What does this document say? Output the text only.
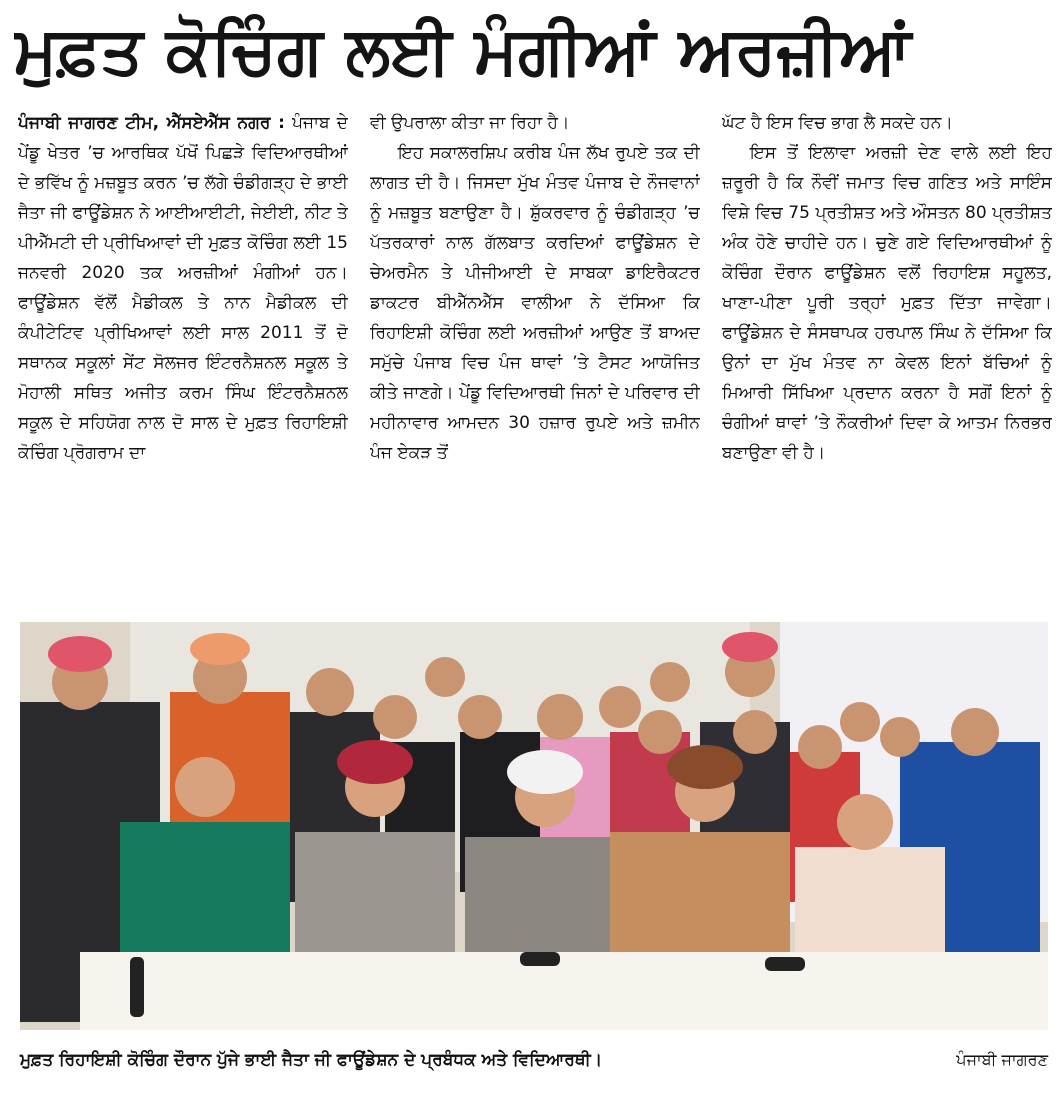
ਮੁਫ਼ਤ ਕੋਚਿੰਗ ਲਈ ਮੰਗੀਆਂ ਅਰਜ਼ੀਆਂ

ਪੰਜਾਬੀ ਜਾਗਰਣ ਟੀਮ, ਐੱਸਏਐੱਸ ਨਗਰ : ਪੰਜਾਬ ਦੇ ਪੇਂਡੂ ਖੇਤਰ ’ਚ ਆਰਥਿਕ ਪੱਖੋਂ ਪਿਛੜੇ ਵਿਦਿਆਰਥੀਆਂ ਦੇ ਭਵਿੱਖ ਨੂੰ ਮਜ਼ਬੂਤ ਕਰਨ ’ਚ ਲੱਗੇ ਚੰਡੀਗੜ੍ਹ ਦੇ ਭਾਈ ਜੈਤਾ ਜੀ ਫਾਊਂਡੇਸ਼ਨ ਨੇ ਆਈਆਈਟੀ, ਜੇਈਈ, ਨੀਟ ਤੇ ਪੀਐੱਮਟੀ ਦੀ ਪ੍ਰੀਖਿਆਵਾਂ ਦੀ ਮੁਫ਼ਤ ਕੋਚਿੰਗ ਲਈ 15 ਜਨਵਰੀ 2020 ਤਕ ਅਰਜ਼ੀਆਂ ਮੰਗੀਆਂ ਹਨ। ਫਾਊਂਡੇਸ਼ਨ ਵੱਲੋਂ ਮੈਡੀਕਲ ਤੇ ਨਾਨ ਮੈਡੀਕਲ ਦੀ ਕੰਪੀਟੇਟਿਵ ਪ੍ਰੀਖਿਆਵਾਂ ਲਈ ਸਾਲ 2011 ਤੋਂ ਦੋ ਸਥਾਨਕ ਸਕੂਲਾਂ ਸੇਂਟ ਸੋਲਜਰ ਇੰਟਰਨੈਸ਼ਨਲ ਸਕੂਲ ਤੇ ਮੋਹਾਲੀ ਸਥਿਤ ਅਜੀਤ ਕਰਮ ਸਿੰਘ ਇੰਟਰਨੈਸ਼ਨਲ ਸਕੂਲ ਦੇ ਸਹਿਯੋਗ ਨਾਲ ਦੋ ਸਾਲ ਦੇ ਮੁਫ਼ਤ ਰਿਹਾਇਸ਼ੀ ਕੋਚਿੰਗ ਪ੍ਰੋਗਰਾਮ ਦਾ

ਵੀ ਉਪਰਾਲਾ ਕੀਤਾ ਜਾ ਰਿਹਾ ਹੈ।

ਇਹ ਸਕਾਲਰਸ਼ਿਪ ਕਰੀਬ ਪੰਜ ਲੱਖ ਰੁਪਏ ਤਕ ਦੀ ਲਾਗਤ ਦੀ ਹੈ। ਜਿਸਦਾ ਮੁੱਖ ਮੰਤਵ ਪੰਜਾਬ ਦੇ ਨੌਜਵਾਨਾਂ ਨੂੰ ਮਜ਼ਬੂਤ ਬਣਾਉਣਾ ਹੈ। ਸ਼ੁੱਕਰਵਾਰ ਨੂੰ ਚੰਡੀਗੜ੍ਹ ’ਚ ਪੱਤਰਕਾਰਾਂ ਨਾਲ ਗੱਲਬਾਤ ਕਰਦਿਆਂ ਫਾਊਂਡੇਸ਼ਨ ਦੇ ਚੇਅਰਮੈਨ ਤੇ ਪੀਜੀਆਈ ਦੇ ਸਾਬਕਾ ਡਾਇਰੈਕਟਰ ਡਾਕਟਰ ਬੀਐੱਨਐੱਸ ਵਾਲੀਆ ਨੇ ਦੱਸਿਆ ਕਿ ਰਿਹਾਇਸ਼ੀ ਕੋਚਿੰਗ ਲਈ ਅਰਜ਼ੀਆਂ ਆਉਣ ਤੋਂ ਬਾਅਦ ਸਮੁੱਚੇ ਪੰਜਾਬ ਵਿਚ ਪੰਜ ਥਾਵਾਂ ’ਤੇ ਟੈਸਟ ਆਯੋਜਿਤ ਕੀਤੇ ਜਾਣਗੇ। ਪੇਂਡੂ ਵਿਦਿਆਰਥੀ ਜਿਨਾਂ ਦੇ ਪਰਿਵਾਰ ਦੀ ਮਹੀਨਾਵਾਰ ਆਮਦਨ 30 ਹਜ਼ਾਰ ਰੁਪਏ ਅਤੇ ਜ਼ਮੀਨ ਪੰਜ ਏਕੜ ਤੋਂ

ਘੱਟ ਹੈ ਇਸ ਵਿਚ ਭਾਗ ਲੈ ਸਕਦੇ ਹਨ।

ਇਸ ਤੋਂ ਇਲਾਵਾ ਅਰਜ਼ੀ ਦੇਣ ਵਾਲੇ ਲਈ ਇਹ ਜ਼ਰੂਰੀ ਹੈ ਕਿ ਨੌਵੀਂ ਜਮਾਤ ਵਿਚ ਗਣਿਤ ਅਤੇ ਸਾਇੰਸ ਵਿਸ਼ੇ ਵਿਚ 75 ਪ੍ਰਤੀਸ਼ਤ ਅਤੇ ਔਸਤਨ 80 ਪ੍ਰਤੀਸ਼ਤ ਅੰਕ ਹੋਣੇ ਚਾਹੀਦੇ ਹਨ। ਚੁਣੇ ਗਏ ਵਿਦਿਆਰਥੀਆਂ ਨੂੰ ਕੋਚਿੰਗ ਦੌਰਾਨ ਫਾਊਂਡੇਸ਼ਨ ਵਲੋਂ ਰਿਹਾਇਸ਼ ਸਹੂਲਤ, ਖਾਣਾ-ਪੀਣਾ ਪੂਰੀ ਤਰ੍ਹਾਂ ਮੁਫ਼ਤ ਦਿੱਤਾ ਜਾਵੇਗਾ। ਫਾਊਂਡੇਸ਼ਨ ਦੇ ਸੰਸਥਾਪਕ ਹਰਪਾਲ ਸਿੰਘ ਨੇ ਦੱਸਿਆ ਕਿ ਉਨਾਂ ਦਾ ਮੁੱਖ ਮੰਤਵ ਨਾ ਕੇਵਲ ਇਨਾਂ ਬੱਚਿਆਂ ਨੂੰ ਮਿਆਰੀ ਸਿੱਖਿਆ ਪ੍ਰਦਾਨ ਕਰਨਾ ਹੈ ਸਗੋਂ ਇਨਾਂ ਨੂੰ ਚੰਗੀਆਂ ਥਾਵਾਂ ’ਤੇ ਨੌਕਰੀਆਂ ਦਿਵਾ ਕੇ ਆਤਮ ਨਿਰਭਰ ਬਣਾਉਣਾ ਵੀ ਹੈ।

ਮੁਫ਼ਤ ਰਿਹਾਇਸ਼ੀ ਕੋਚਿੰਗ ਦੌਰਾਨ ਪੁੱਜੇ ਭਾਈ ਜੈਤਾ ਜੀ ਫਾਊਂਡੇਸ਼ਨ ਦੇ ਪ੍ਰਬੰਧਕ ਅਤੇ ਵਿਦਿਆਰਥੀ।	ਪੰਜਾਬੀ ਜਾਗਰਣ
